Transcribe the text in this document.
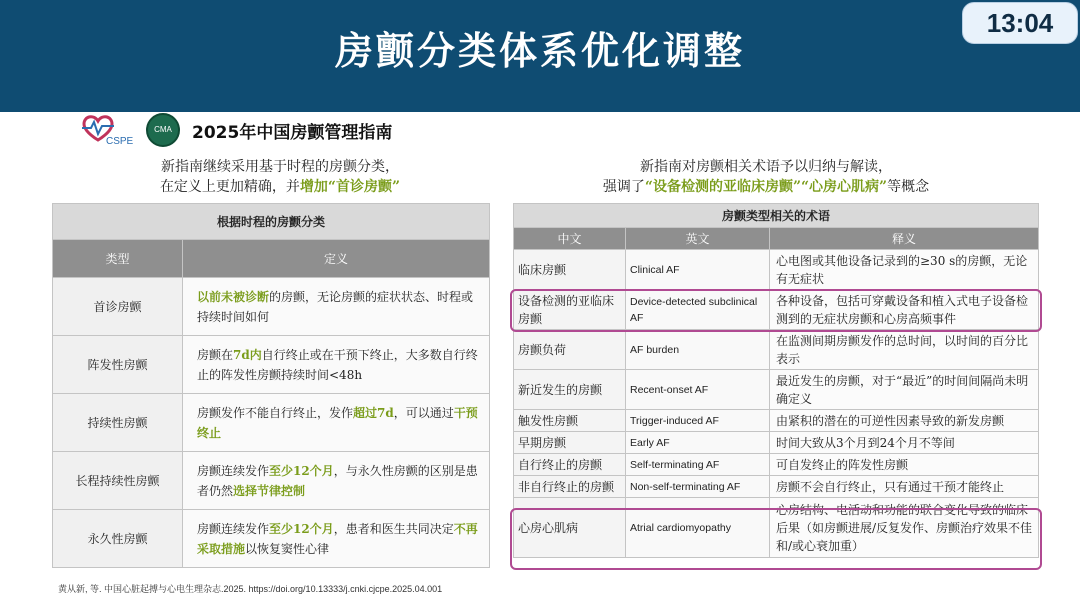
房颤分类体系优化调整
13:04
CSPE
CMA	2025年中国房颤管理指南
新指南继续采用基于时程的房颤分类，
在定义上更加精确，并增加“首诊房颤”
新指南对房颤相关术语予以归纳与解读，
强调了“设备检测的亚临床房颤”“心房心肌病”等概念
根据时程的房颤分类	
类型	定义
首诊房颤	以前未被诊断的房颤，无论房颤的症状状态、时程或持续时间如何
阵发性房颤	房颤在7d内自行终止或在干预下终止，大多数自行终止的阵发性房颤持续时间<48h
持续性房颤	房颤发作不能自行终止，发作超过7d，可以通过干预终止
长程持续性房颤	房颤连续发作至少12个月，与永久性房颤的区别是患者仍然选择节律控制
永久性房颤	房颤连续发作至少12个月，患者和医生共同决定不再采取措施以恢复窦性心律
房颤类型相关的术语		
中文	英文	释义
临床房颤	Clinical AF	心电图或其他设备记录到的≥30 s的房颤，无论有无症状
设备检测的亚临床房颤	Device-detected subclinical AF	各种设备，包括可穿戴设备和植入式电子设备检测到的无症状房颤和心房高频事件
房颤负荷	AF burden	在监测间期房颤发作的总时间，以时间的百分比表示
新近发生的房颤	Recent-onset AF	最近发生的房颤，对于“最近”的时间间隔尚未明确定义
触发性房颤	Trigger-induced AF	由紧积的潜在的可逆性因素导致的新发房颤
早期房颤	Early AF	时间大致从3个月到24个月不等间
自行终止的房颤	Self-terminating AF	可自发终止的阵发性房颤
非自行终止的房颤	Non-self-terminating AF	房颤不会自行终止，只有通过干预才能终止
心房心肌病	Atrial cardiomyopathy	心房结构、电活动和功能的联合变化导致的临床后果（如房颤进展/反复发作、房颤治疗效果不佳和/或心衰加重）
黄从新, 等. 中国心脏起搏与心电生理杂志.2025. https://doi.org/10.13333/j.cnki.cjcpe.2025.04.001
